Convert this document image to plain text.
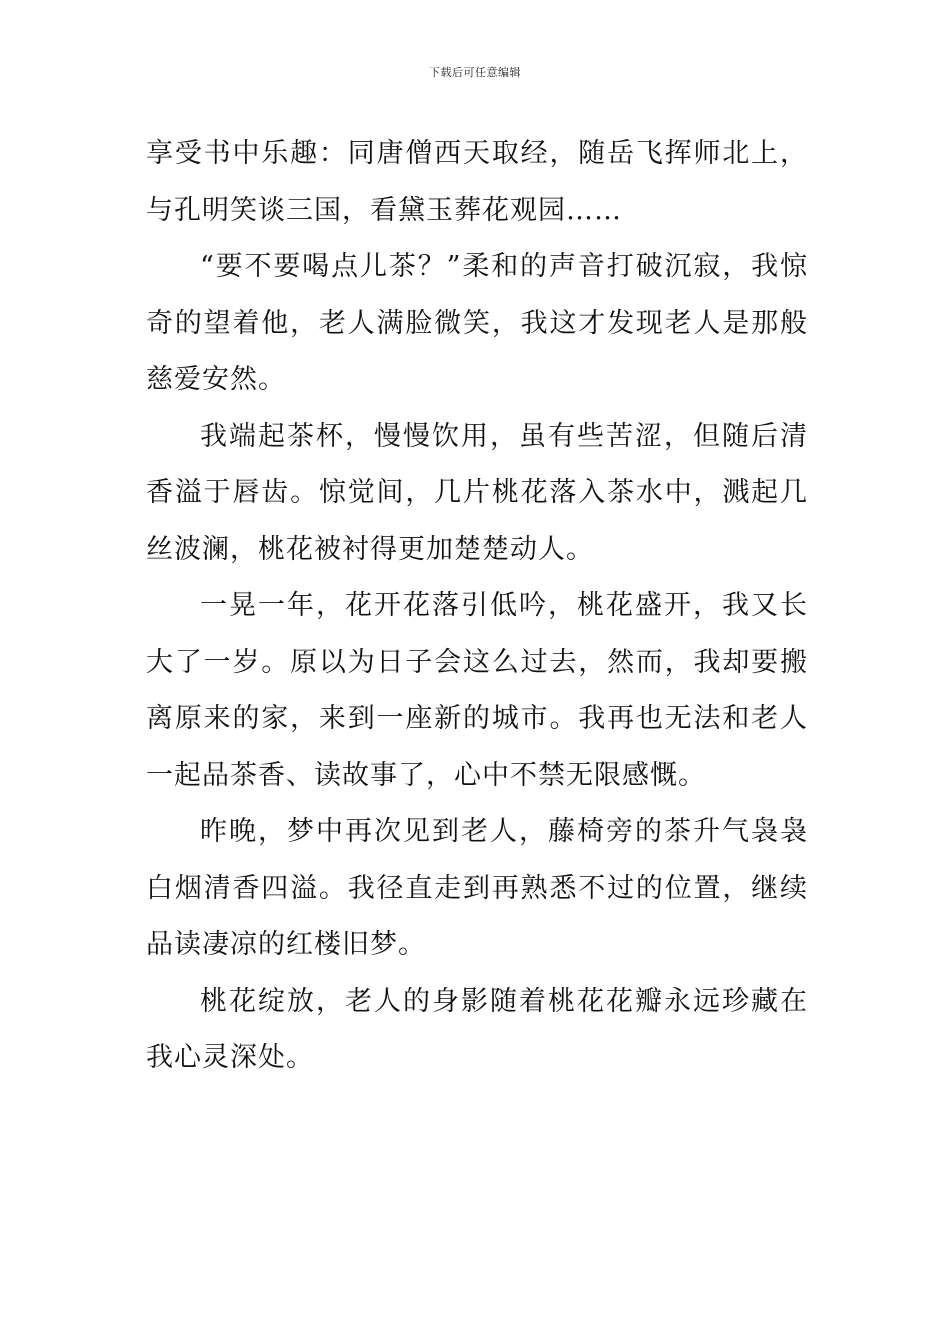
下载后可任意编辑

享受书中乐趣：同唐僧西天取经，随岳飞挥师北上，与孔明笑谈三国，看黛玉葬花观园……

“要不要喝点儿茶？”柔和的声音打破沉寂，我惊奇的望着他，老人满脸微笑，我这才发现老人是那般慈爱安然。

我端起茶杯，慢慢饮用，虽有些苦涩，但随后清香溢于唇齿。惊觉间，几片桃花落入茶水中，溅起几丝波澜，桃花被衬得更加楚楚动人。

一晃一年，花开花落引低吟，桃花盛开，我又长大了一岁。原以为日子会这么过去，然而，我却要搬离原来的家，来到一座新的城市。我再也无法和老人一起品茶香、读故事了，心中不禁无限感慨。

昨晚，梦中再次见到老人，藤椅旁的茶升气袅袅白烟清香四溢。我径直走到再熟悉不过的位置，继续品读凄凉的红楼旧梦。

桃花绽放，老人的身影随着桃花花瓣永远珍藏在我心灵深处。
